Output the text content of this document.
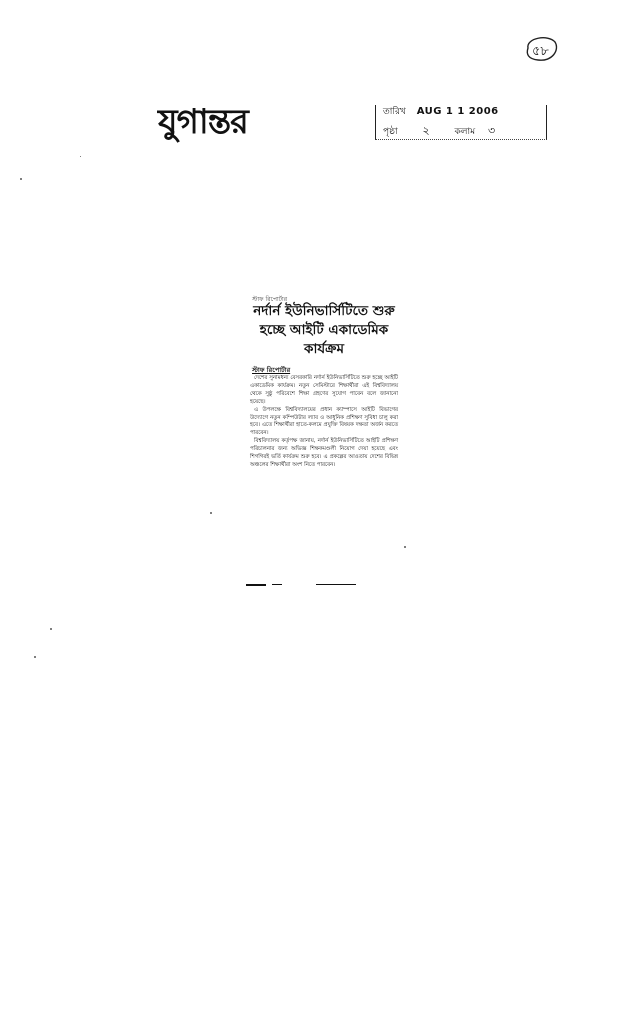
৫৮
যুগান্তর	তারিখ AUG 1 1 2006
পৃষ্ঠা ২	কলাম ৩
স্টাফ রিপোর্টার
নর্দার্ন ইউনিভার্সিটিতে শুরু
হচ্ছে আইটি একাডেমিক
কার্যক্রম
স্টাফ রিপোর্টার

দেশের সুনামধন্য বেসরকারি নর্দার্ন ইউনিভার্সিটিতে শুরু হচ্ছে আইটি একাডেমিক কার্যক্রম। নতুন সেমিস্টারে শিক্ষার্থীরা এই বিশ্ববিদ্যালয় থেকে সুষ্ঠু পরিবেশে শিক্ষা গ্রহণের সুযোগ পাবেন বলে জানানো হয়েছে।

এ উপলক্ষে বিশ্ববিদ্যালয়ের প্রধান ক্যাম্পাসে আইটি বিভাগের উদ্যোগে নতুন কম্পিউটার ল্যাব ও আধুনিক প্রশিক্ষণ সুবিধা চালু করা হবে। এতে শিক্ষার্থীরা হাতে-কলমে প্রযুক্তি বিষয়ক দক্ষতা অর্জন করতে পারবেন।

বিশ্ববিদ্যালয় কর্তৃপক্ষ জানায়, নর্দার্ন ইউনিভার্সিটিতে আইটি প্রশিক্ষণ পরিচালনার জন্য অভিজ্ঞ শিক্ষকমণ্ডলী নিয়োগ দেয়া হয়েছে এবং শিগগিরই ভর্তি কার্যক্রম শুরু হবে। এ প্রকল্পের আওতায় দেশের বিভিন্ন অঞ্চলের শিক্ষার্থীরা অংশ নিতে পারবেন।
